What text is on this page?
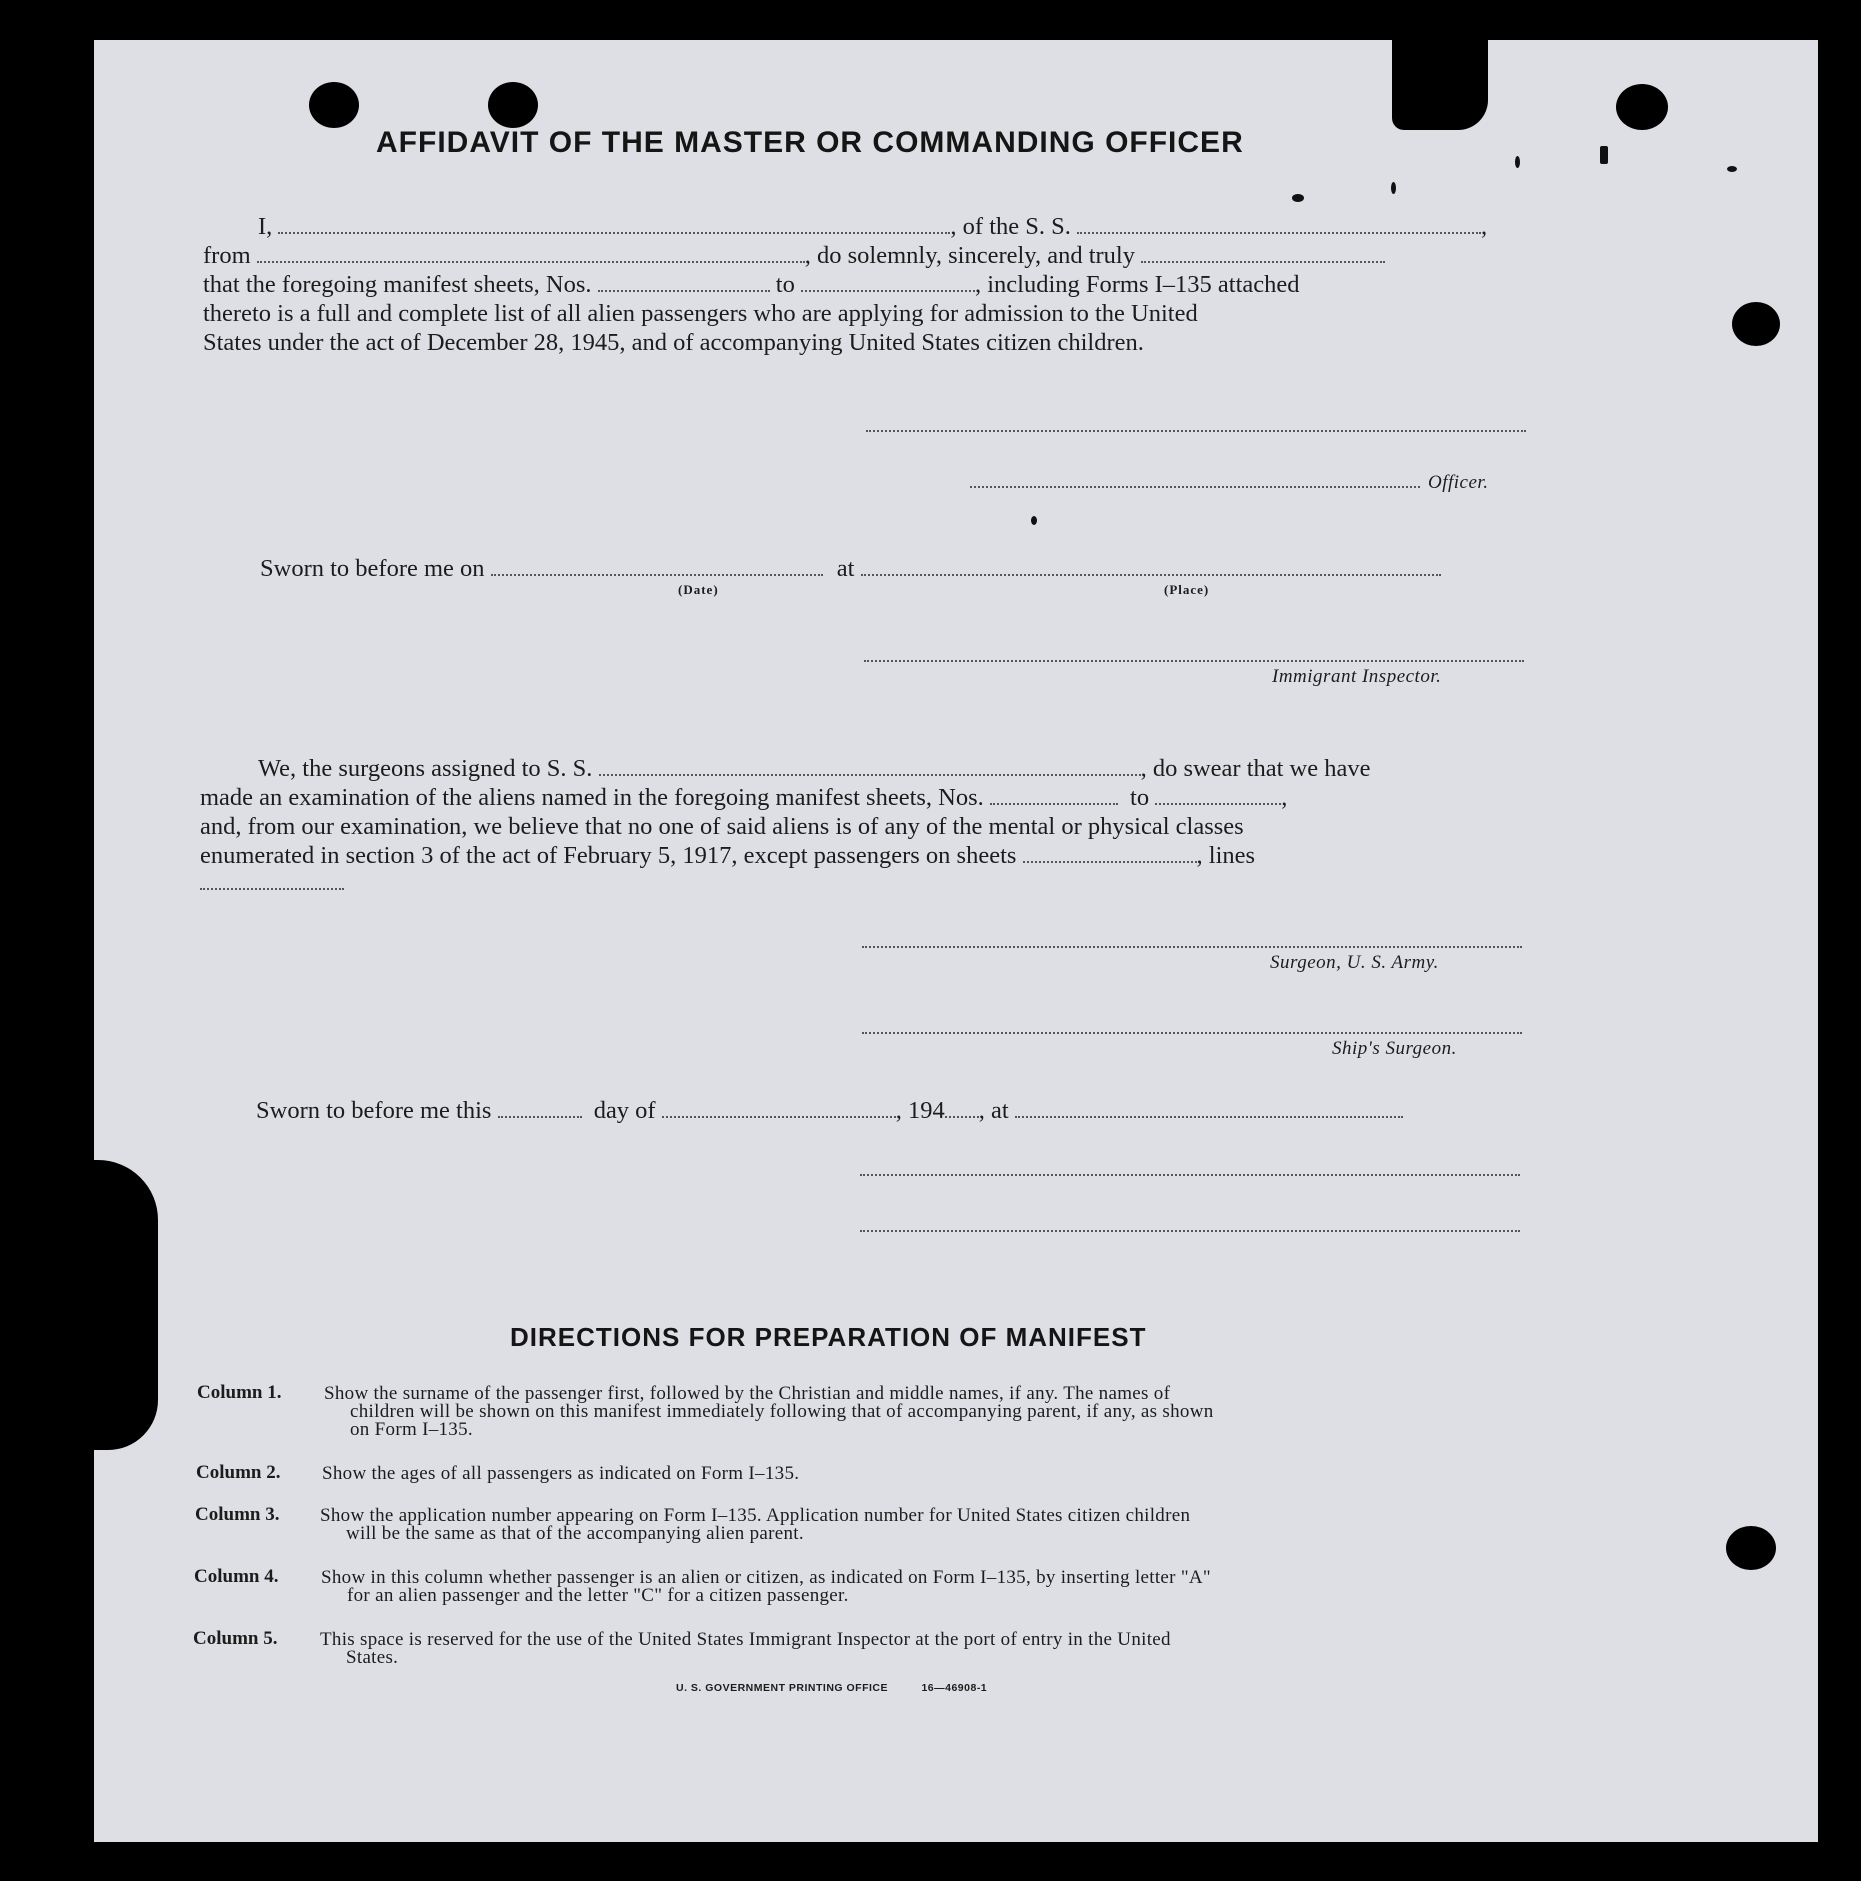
AFFIDAVIT OF THE MASTER OR COMMANDING OFFICER
I,	, of the S. S.	,
from	, do solemnly, sincerely, and truly
that the foregoing manifest sheets, Nos.	to	, including Forms I–135 attached
thereto is a full and complete list of all alien passengers who are applying for admission to the United
States under the act of December 28, 1945, and of accompanying United States citizen children.
Officer.
Sworn to before me on	at
(Date)	(Place)
Immigrant Inspector.
We, the surgeons assigned to S. S.	, do swear that we have
made an examination of the aliens named in the foregoing manifest sheets, Nos.	to	,
and, from our examination, we believe that no one of said aliens is of any of the mental or physical classes
enumerated in section 3 of the act of February 5, 1917, except passengers on sheets	, lines
Surgeon, U. S. Army.
Ship's Surgeon.
Sworn to before me this	day of	, 194 , at
DIRECTIONS FOR PREPARATION OF MANIFEST
Column 1. Show the surname of the passenger first, followed by the Christian and middle names, if any. The names of
children will be shown on this manifest immediately following that of accompanying parent, if any, as shown
on Form I–135.
Column 2. Show the ages of all passengers as indicated on Form I–135.
Column 3. Show the application number appearing on Form I–135. Application number for United States citizen children
will be the same as that of the accompanying alien parent.
Column 4. Show in this column whether passenger is an alien or citizen, as indicated on Form I–135, by inserting letter "A"
for an alien passenger and the letter "C" for a citizen passenger.
Column 5. This space is reserved for the use of the United States Immigrant Inspector at the port of entry in the United
States.
U. S. GOVERNMENT PRINTING OFFICE	16—46908-1
